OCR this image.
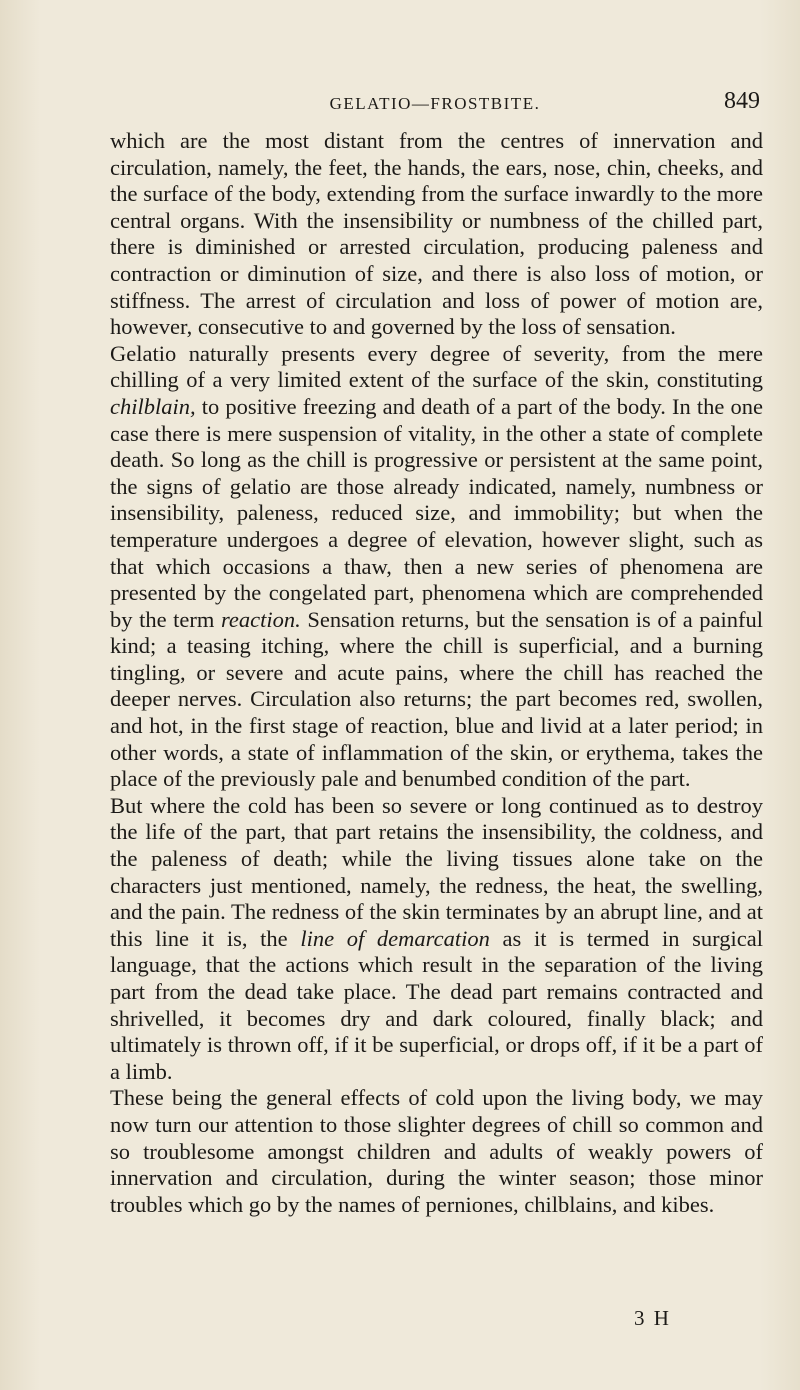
GELATIO—FROSTBITE.	849

which are the most distant from the centres of innervation and circulation, namely, the feet, the hands, the ears, nose, chin, cheeks, and the surface of the body, extending from the surface inwardly to the more central organs. With the insensibility or numbness of the chilled part, there is diminished or arrested circulation, producing paleness and contraction or diminution of size, and there is also loss of motion, or stiffness. The arrest of circulation and loss of power of motion are, however, consecutive to and governed by the loss of sensation.

Gelatio naturally presents every degree of severity, from the mere chilling of a very limited extent of the surface of the skin, constituting chilblain, to positive freezing and death of a part of the body. In the one case there is mere suspension of vitality, in the other a state of complete death. So long as the chill is progressive or persistent at the same point, the signs of gelatio are those already indicated, namely, numbness or insensibility, paleness, reduced size, and immobility; but when the temperature undergoes a degree of elevation, however slight, such as that which occasions a thaw, then a new series of phenomena are presented by the congelated part, phenomena which are comprehended by the term reaction. Sensation returns, but the sensation is of a painful kind; a teasing itching, where the chill is superficial, and a burning tingling, or severe and acute pains, where the chill has reached the deeper nerves. Circulation also returns; the part becomes red, swollen, and hot, in the first stage of reaction, blue and livid at a later period; in other words, a state of inflammation of the skin, or erythema, takes the place of the previously pale and benumbed condition of the part.

But where the cold has been so severe or long continued as to destroy the life of the part, that part retains the insensibility, the coldness, and the paleness of death; while the living tissues alone take on the characters just mentioned, namely, the redness, the heat, the swelling, and the pain. The redness of the skin terminates by an abrupt line, and at this line it is, the line of demarcation as it is termed in surgical language, that the actions which result in the separation of the living part from the dead take place. The dead part remains contracted and shrivelled, it becomes dry and dark coloured, finally black; and ultimately is thrown off, if it be superficial, or drops off, if it be a part of a limb.

These being the general effects of cold upon the living body, we may now turn our attention to those slighter degrees of chill so common and so troublesome amongst children and adults of weakly powers of innervation and circulation, during the winter season; those minor troubles which go by the names of perniones, chilblains, and kibes.

3 H
